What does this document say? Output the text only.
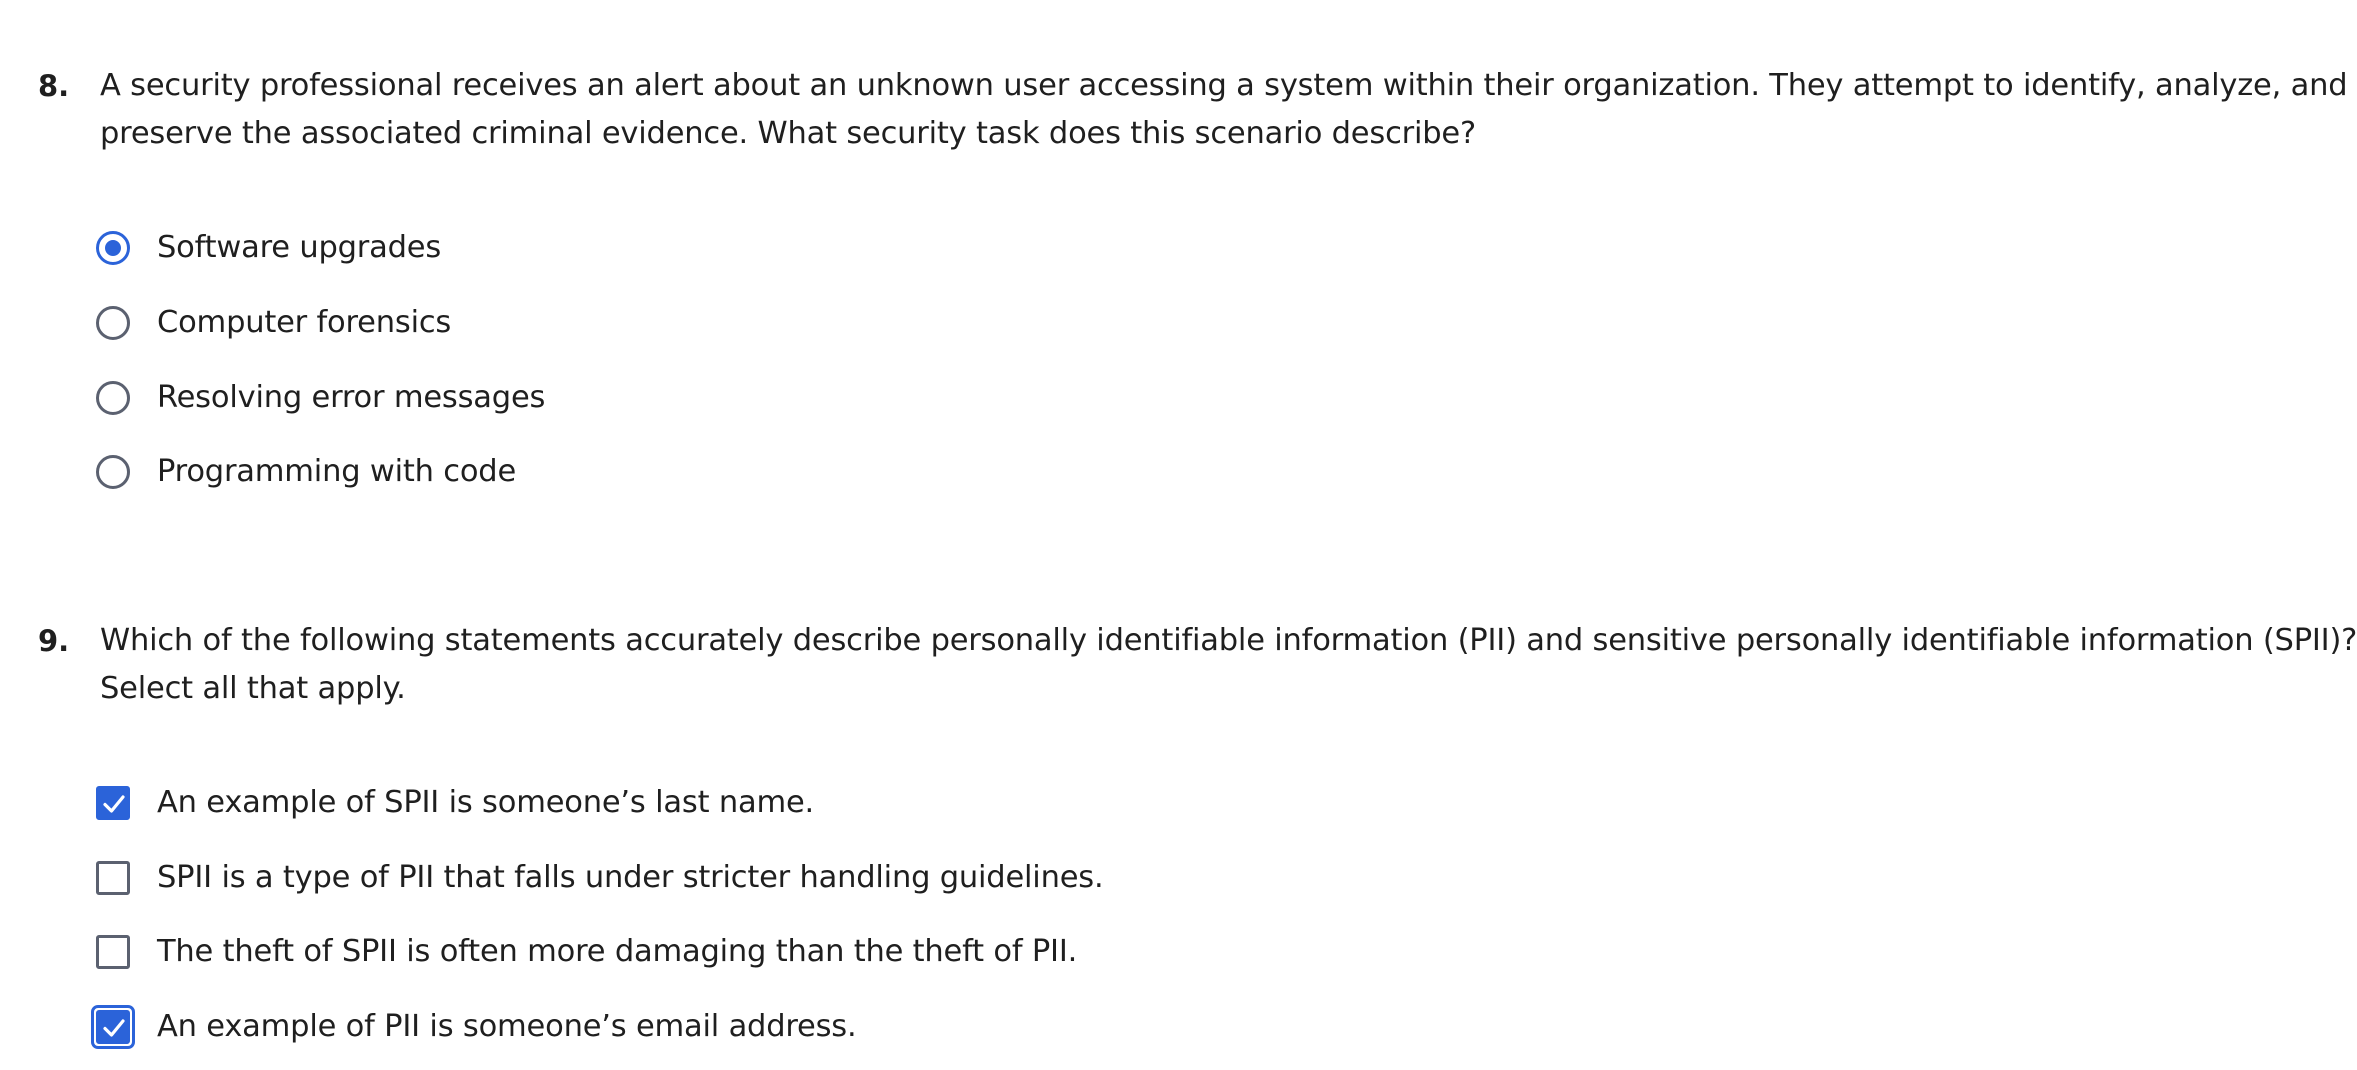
8. A security professional receives an alert about an unknown user accessing a system within their organization. They attempt to identify, analyze, and

preserve the associated criminal evidence. What security task does this scenario describe?

Software upgrades
Computer forensics
Resolving error messages
Programming with code
9. Which of the following statements accurately describe personally identifiable information (PII) and sensitive personally identifiable information (SPII)?

Select all that apply.

An example of SPII is someone’s last name.
SPII is a type of PII that falls under stricter handling guidelines.
The theft of SPII is often more damaging than the theft of PII.
An example of PII is someone’s email address.
